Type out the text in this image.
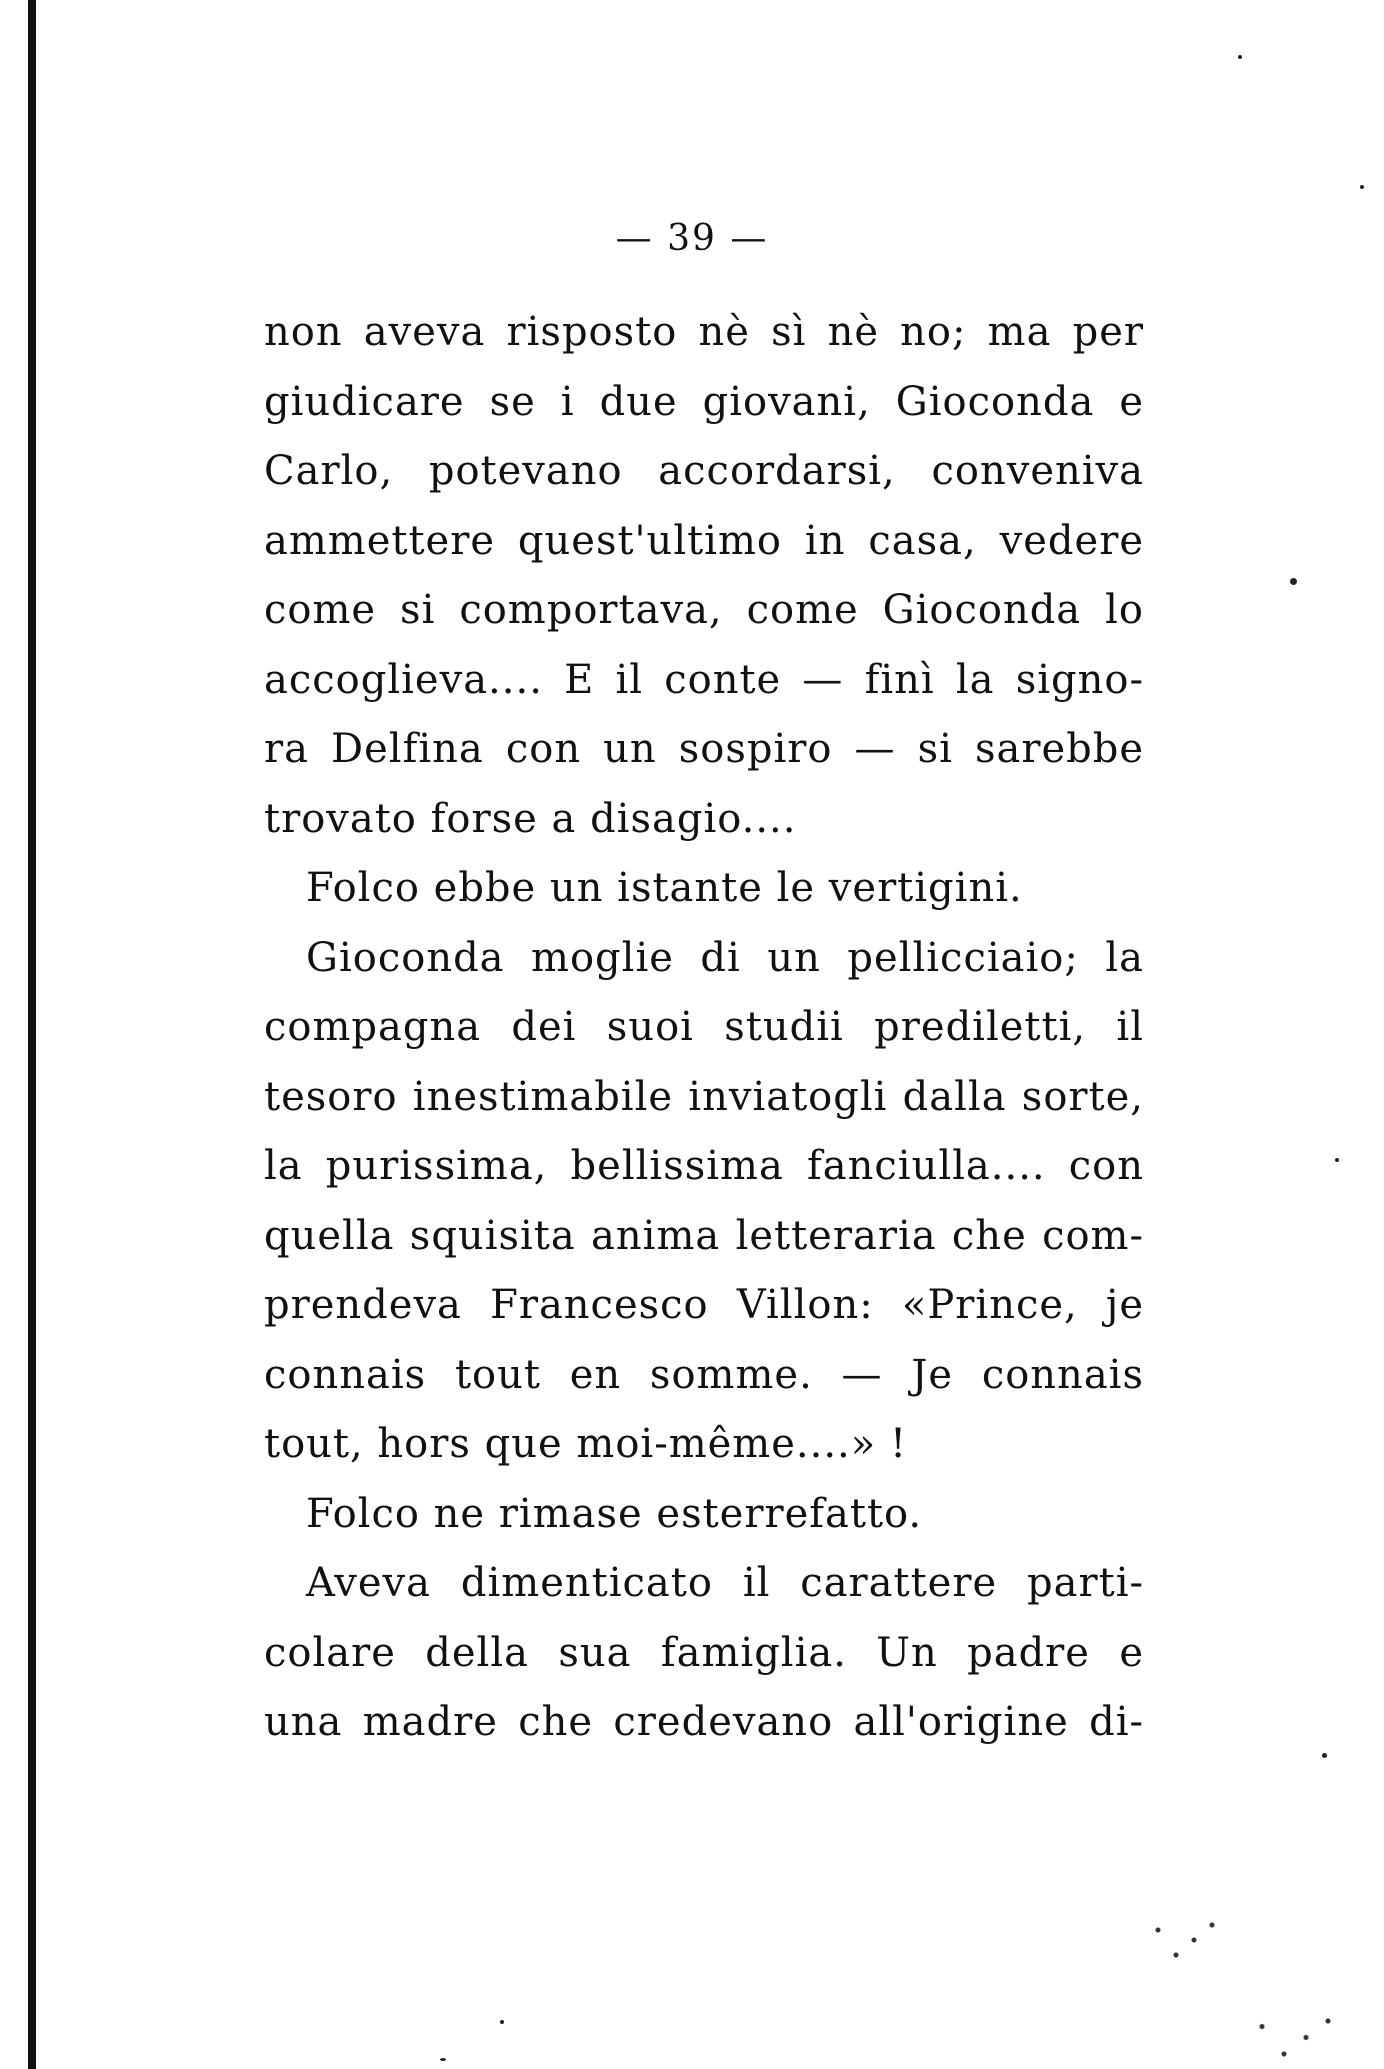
— 39 —
non aveva risposto nè sì nè no; ma per
giudicare se i due giovani, Gioconda e
Carlo, potevano accordarsi, conveniva
ammettere quest'ultimo in casa, vedere
come si comportava, come Gioconda lo
accoglieva.... E il conte — finì la signo-
ra Delfina con un sospiro — si sarebbe
trovato forse a disagio....
Folco ebbe un istante le vertigini.
Gioconda moglie di un pellicciaio; la
compagna dei suoi studii prediletti, il
tesoro inestimabile inviatogli dalla sorte,
la purissima, bellissima fanciulla.... con
quella squisita anima letteraria che com-
prendeva Francesco Villon: «Prince, je
connais tout en somme. — Je connais
tout, hors que moi-même....» !
Folco ne rimase esterrefatto.
Aveva dimenticato il carattere parti-
colare della sua famiglia. Un padre e
una madre che credevano all'origine di-
